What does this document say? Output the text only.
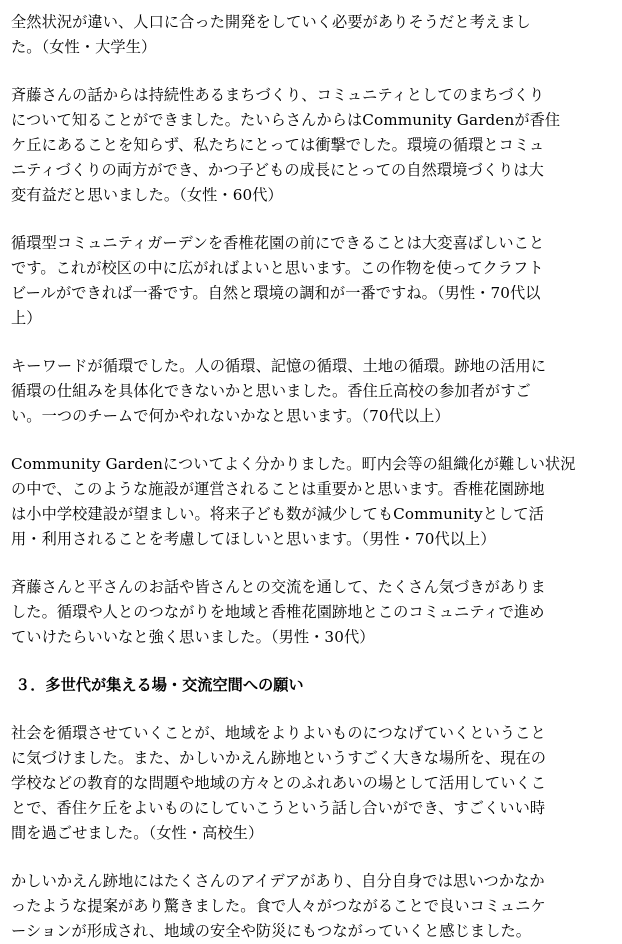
全然状況が違い、人口に合った開発をしていく必要がありそうだと考えまし
た。（女性・大学生）

斉藤さんの話からは持続性あるまちづくり、コミュニティとしてのまちづくり
について知ることができました。たいらさんからはCommunity Gardenが香住
ケ丘にあることを知らず、私たちにとっては衝撃でした。環境の循環とコミュ
ニティづくりの両方ができ、かつ子どもの成長にとっての自然環境づくりは大
変有益だと思いました。（女性・60代）

循環型コミュニティガーデンを香椎花園の前にできることは大変喜ばしいこと
です。これが校区の中に広がればよいと思います。この作物を使ってクラフト
ビールができれば一番です。自然と環境の調和が一番ですね。（男性・70代以
上）

キーワードが循環でした。人の循環、記憶の循環、土地の循環。跡地の活用に
循環の仕組みを具体化できないかと思いました。香住丘高校の参加者がすご
い。一つのチームで何かやれないかなと思います。（70代以上）

Community Gardenについてよく分かりました。町内会等の組織化が難しい状況
の中で、このような施設が運営されることは重要かと思います。香椎花園跡地
は小中学校建設が望ましい。将来子ども数が減少してもCommunityとして活
用・利用されることを考慮してほしいと思います。（男性・70代以上）

斉藤さんと平さんのお話や皆さんとの交流を通して、たくさん気づきがありま
した。循環や人とのつながりを地域と香椎花園跡地とこのコミュニティで進め
ていけたらいいなと強く思いました。（男性・30代）

３．多世代が集える場・交流空間への願い

社会を循環させていくことが、地域をよりよいものにつなげていくということ
に気づけました。また、かしいかえん跡地というすごく大きな場所を、現在の
学校などの教育的な問題や地域の方々とのふれあいの場として活用していくこ
とで、香住ケ丘をよいものにしていこうという話し合いができ、すごくいい時
間を過ごせました。（女性・高校生）

かしいかえん跡地にはたくさんのアイデアがあり、自分自身では思いつかなか
ったような提案があり驚きました。食で人々がつながることで良いコミュニケ
ーションが形成され、地域の安全や防災にもつながっていくと感じました。
